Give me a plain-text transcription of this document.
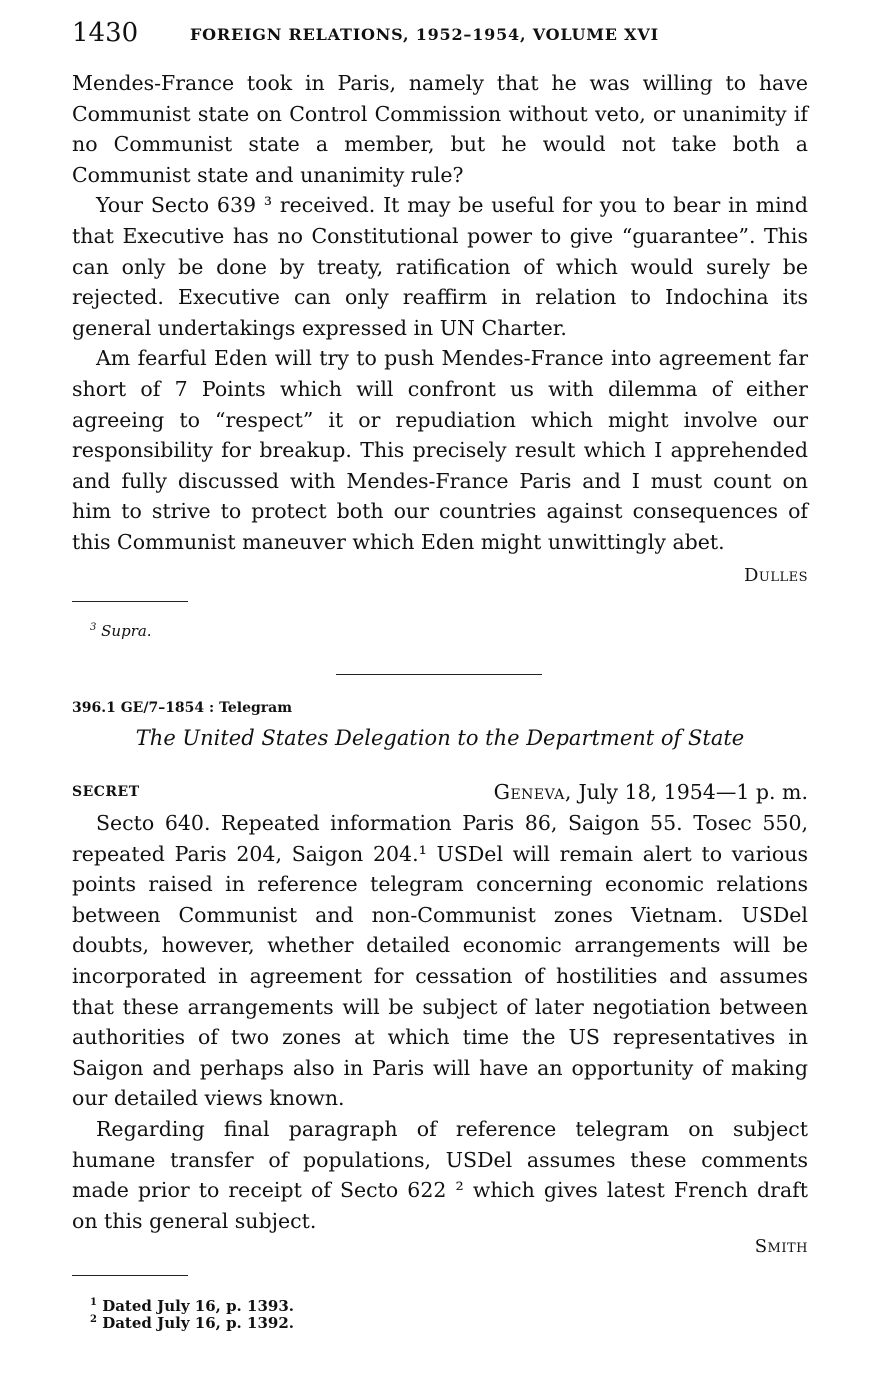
1430	FOREIGN RELATIONS, 1952–1954, VOLUME XVI

Mendes-France took in Paris, namely that he was willing to have Communist state on Control Commission without veto, or unanimity if no Communist state a member, but he would not take both a Communist state and unanimity rule?

Your Secto 639 ³ received. It may be useful for you to bear in mind that Executive has no Constitutional power to give “guarantee”. This can only be done by treaty, ratification of which would surely be rejected. Executive can only reaffirm in relation to Indochina its general undertakings expressed in UN Charter.

Am fearful Eden will try to push Mendes-France into agreement far short of 7 Points which will confront us with dilemma of either agreeing to “respect” it or repudiation which might involve our responsibility for breakup. This precisely result which I apprehended and fully discussed with Mendes-France Paris and I must count on him to strive to protect both our countries against consequences of this Communist maneuver which Eden might unwittingly abet.

Dulles
$^3$ Supra.
396.1 GE/7–1854 : Telegram
The United States Delegation to the Department of State
SECRET	Geneva, July 18, 1954—1 p. m.

Secto 640. Repeated information Paris 86, Saigon 55. Tosec 550, repeated Paris 204, Saigon 204.¹ USDel will remain alert to various points raised in reference telegram concerning economic relations between Communist and non-Communist zones Vietnam. USDel doubts, however, whether detailed economic arrangements will be incorporated in agreement for cessation of hostilities and assumes that these arrangements will be subject of later negotiation between authorities of two zones at which time the US representatives in Saigon and perhaps also in Paris will have an opportunity of making our detailed views known.

Regarding final paragraph of reference telegram on subject humane transfer of populations, USDel assumes these comments made prior to receipt of Secto 622 ² which gives latest French draft on this general subject.

Smith
$^1$ Dated July 16, p. 1393.
$^2$ Dated July 16, p. 1392.
